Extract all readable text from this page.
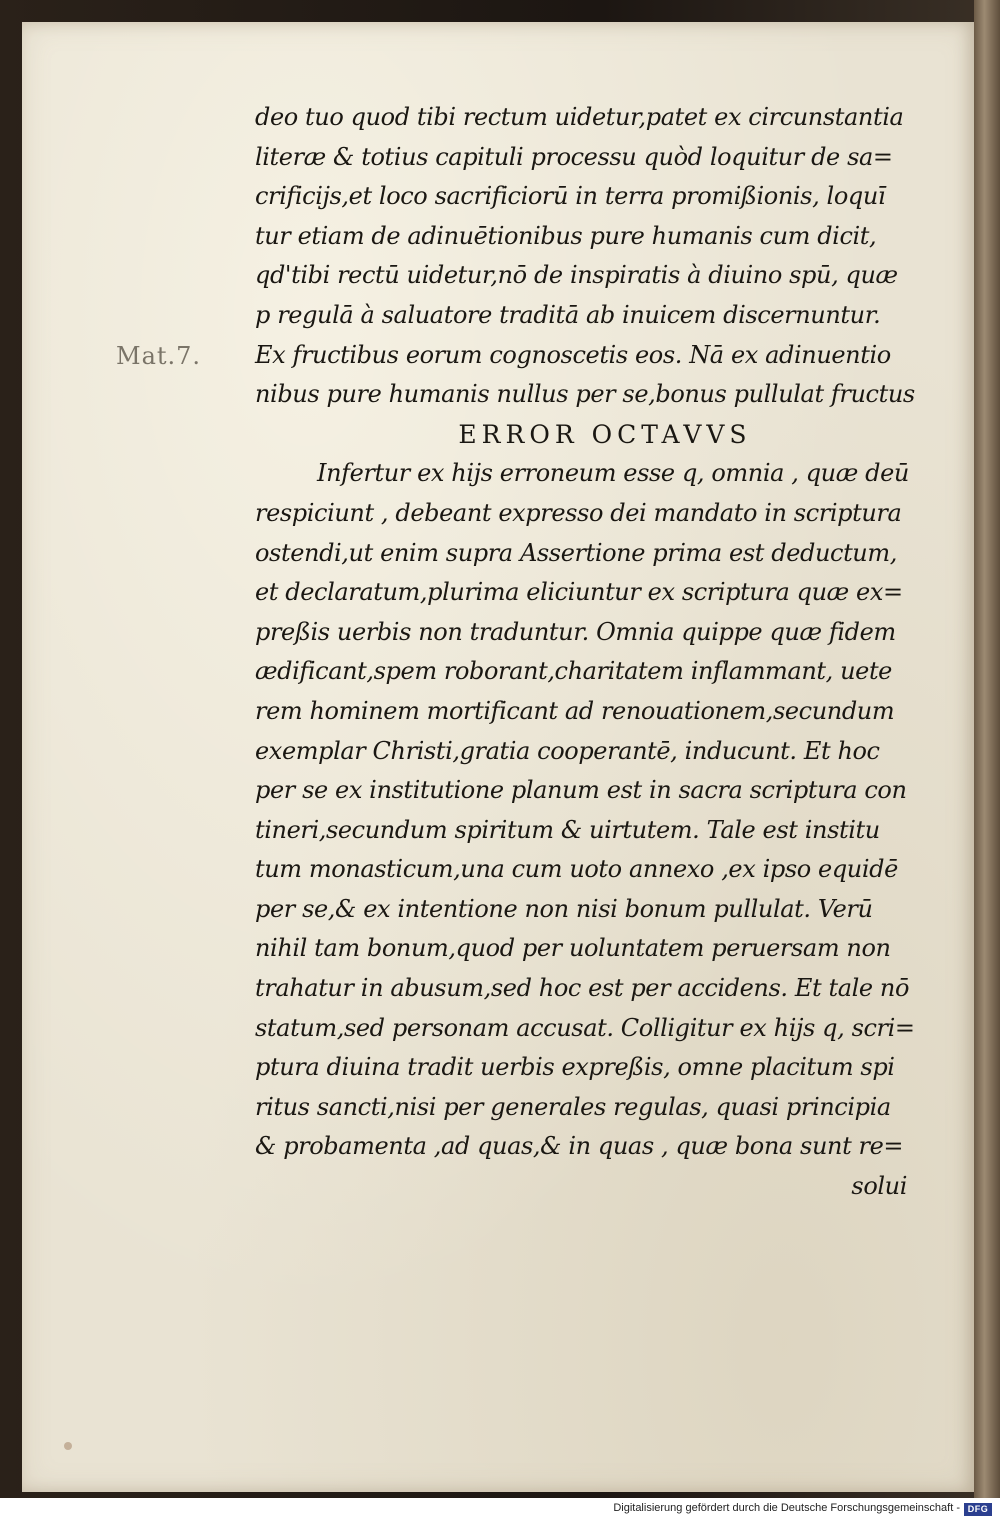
Mat.7.
deo tuo quod tibi rectum uidetur,patet ex circunstantia
literæ & totius capituli processu quòd loquitur de sa=
crificijs,et loco sacrificiorū in terra promißionis, loquī
tur etiam de adinuētionibus pure humanis cum dicit,
qd'tibi rectū uidetur,nō de inspiratis à diuino spū, quæ
p regulā à saluatore traditā ab inuicem discernuntur.
Ex fructibus eorum cognoscetis eos. Nā ex adinuentio
nibus pure humanis nullus per se,bonus pullulat fructus
ERROR OCTAVVS
Infertur ex hijs erroneum esse q, omnia , quæ deū
respiciunt , debeant expresso dei mandato in scriptura
ostendi,ut enim supra Assertione prima est deductum,
et declaratum,plurima eliciuntur ex scriptura quæ ex=
preßis uerbis non traduntur. Omnia quippe quæ fidem
ædificant,spem roborant,charitatem inflammant, uete
rem hominem mortificant ad renouationem,secundum
exemplar Christi,gratia cooperantē, inducunt. Et hoc
per se ex institutione planum est in sacra scriptura con
tineri,secundum spiritum & uirtutem. Tale est institu
tum monasticum,una cum uoto annexo ,ex ipso equidē
per se,& ex intentione non nisi bonum pullulat. Verū
nihil tam bonum,quod per uoluntatem peruersam non
trahatur in abusum,sed hoc est per accidens. Et tale nō
statum,sed personam accusat. Colligitur ex hijs q, scri=
ptura diuina tradit uerbis expreßis, omne placitum spi
ritus sancti,nisi per generales regulas, quasi principia
& probamenta ,ad quas,& in quas , quæ bona sunt re=
solui
Digitalisierung gefördert durch die Deutsche Forschungsgemeinschaft - DFG
